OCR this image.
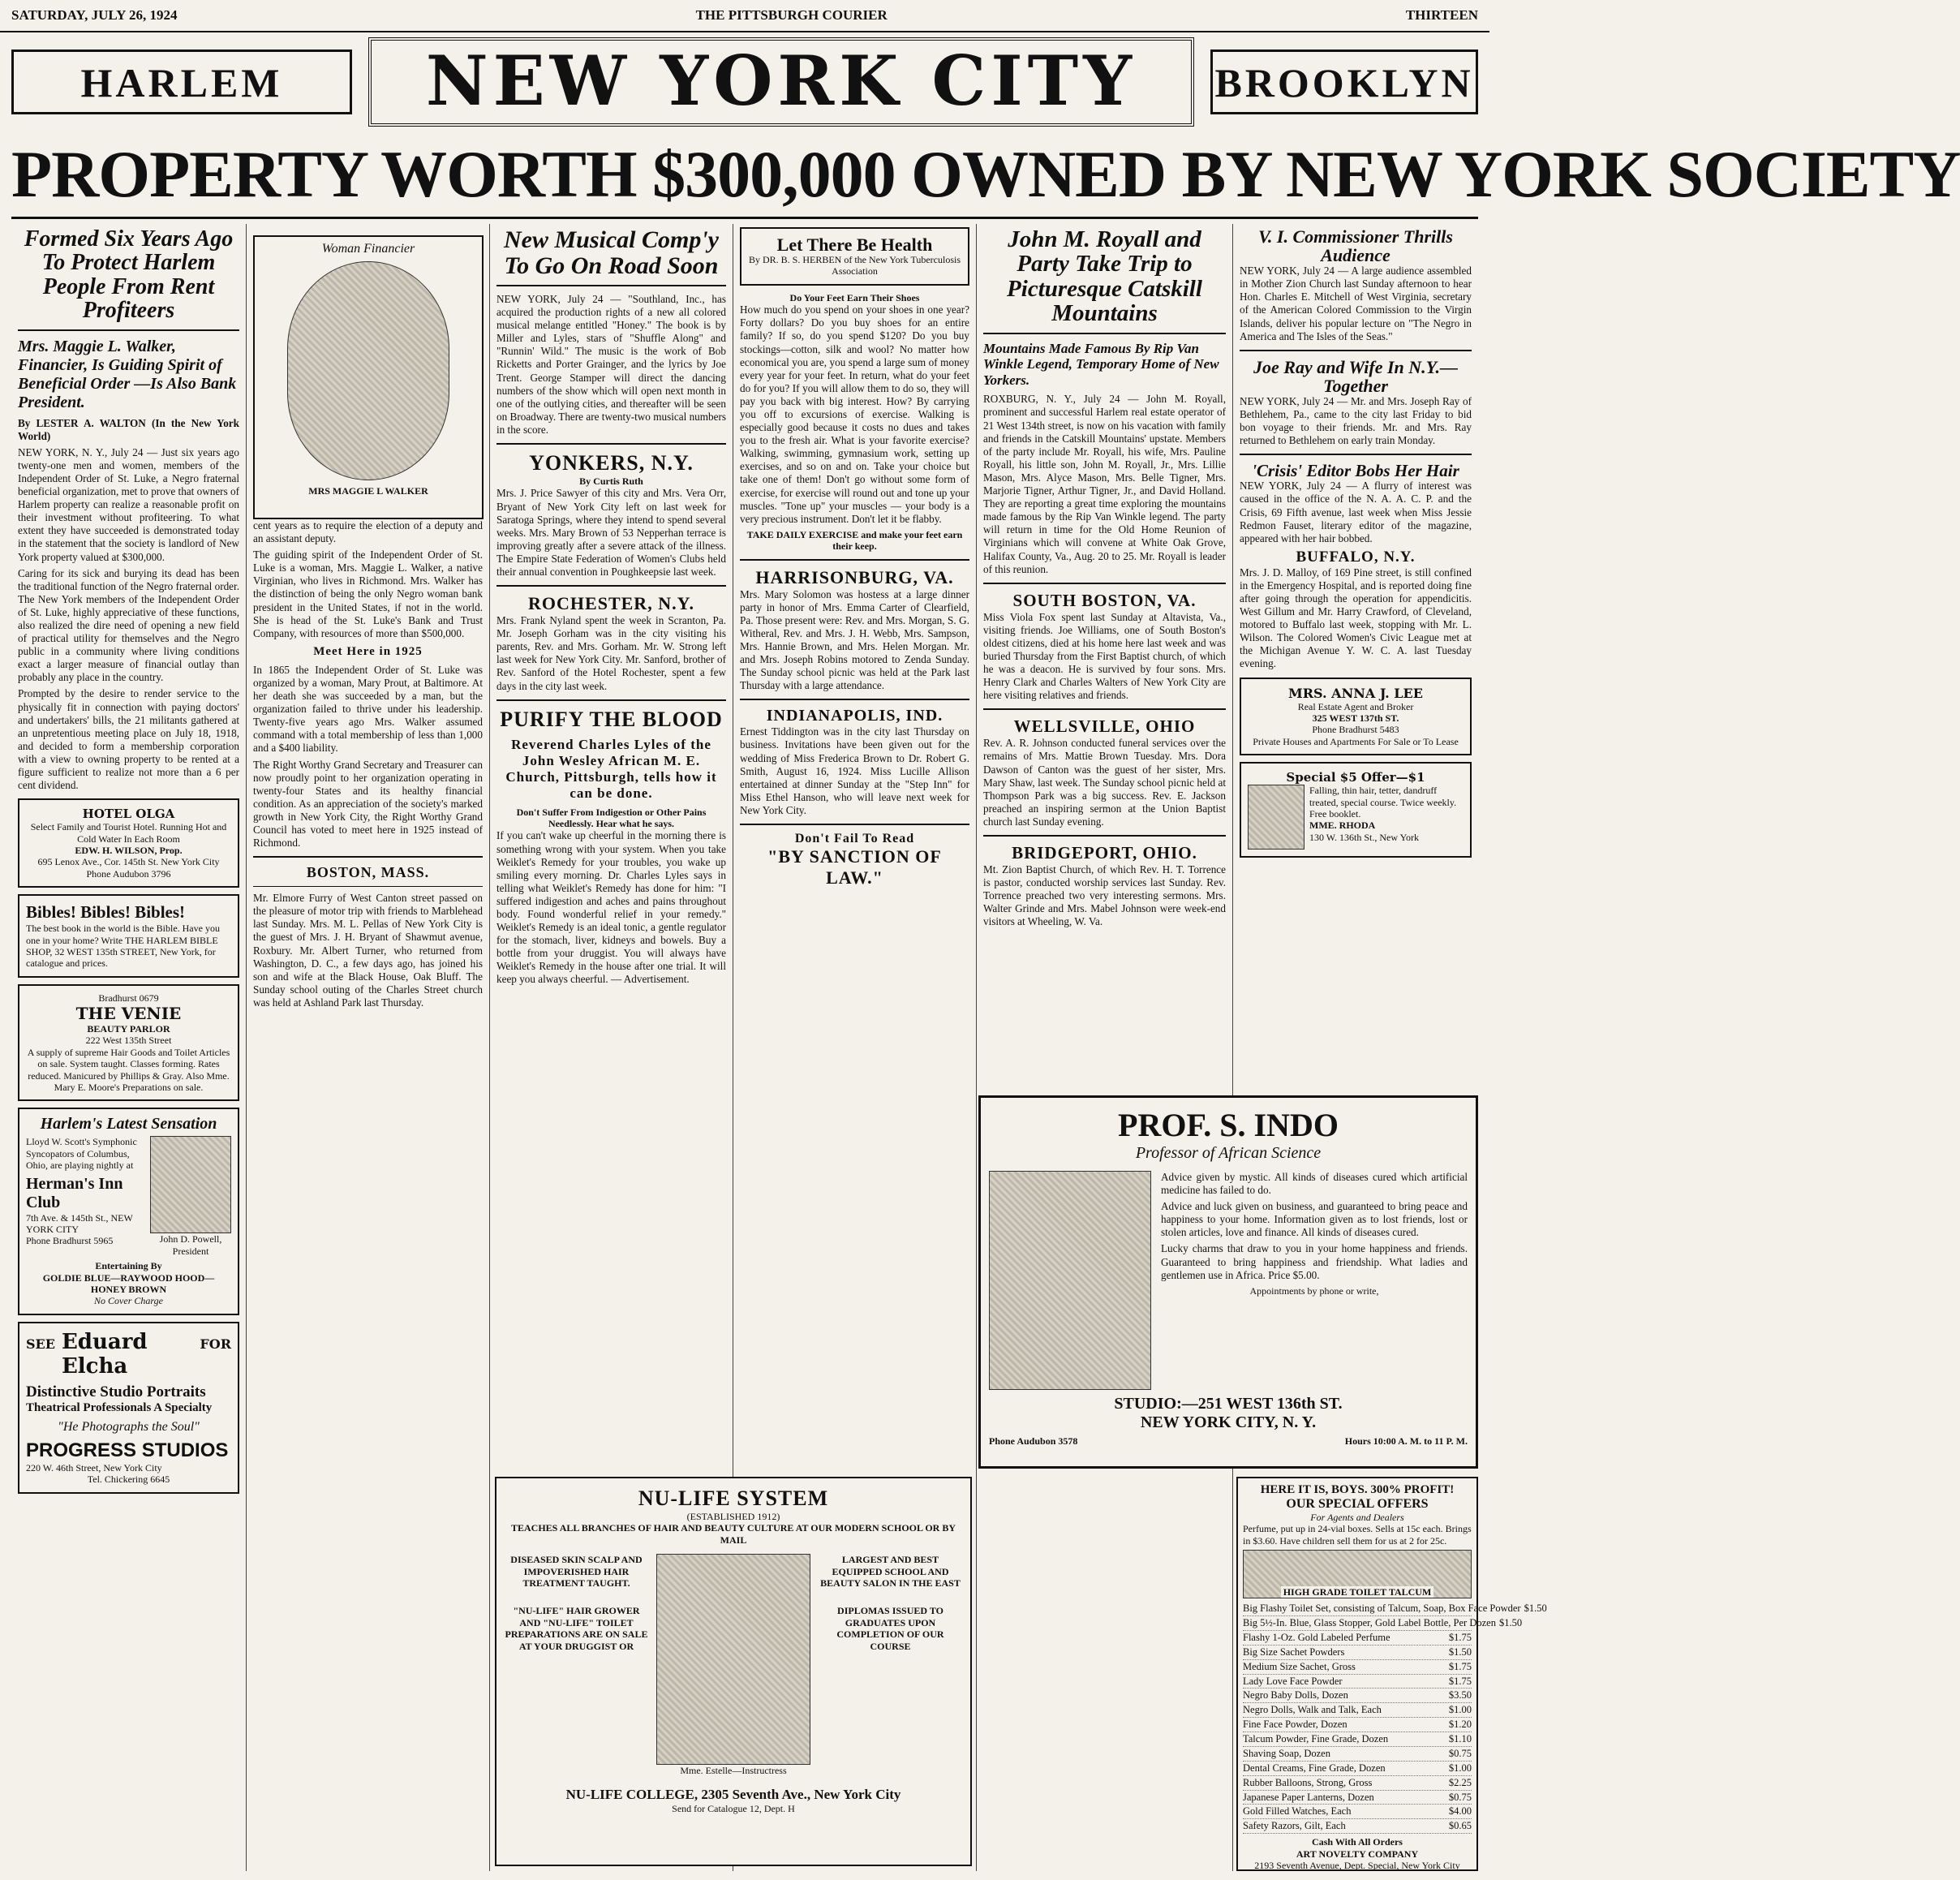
SATURDAY, JULY 26, 1924	THE PITTSBURGH COURIER	THIRTEEN
HARLEM	NEW YORK CITY	BROOKLYN
PROPERTY WORTH $300,000 OWNED BY NEW YORK SOCIETY
Formed Six Years Ago To Protect Harlem People From Rent Profiteers
Mrs. Maggie L. Walker, Financier, Is Guiding Spirit of Beneficial Order —Is Also Bank President.

By LESTER A. WALTON (In the New York World)

NEW YORK, N. Y., July 24 — Just six years ago twenty-one men and women, members of the Independent Order of St. Luke, a Negro fraternal beneficial organization, met to prove that owners of Harlem property can realize a reasonable profit on their investment without profiteering. To what extent they have succeeded is demonstrated today in the statement that the society is landlord of New York property valued at $300,000.

Caring for its sick and burying its dead has been the traditional function of the Negro fraternal order. The New York members of the Independent Order of St. Luke, highly appreciative of these functions, also realized the dire need of opening a new field of practical utility for themselves and the Negro public in a community where living conditions exact a larger measure of financial outlay than probably any place in the country.

Prompted by the desire to render service to the physically fit in connection with paying doctors' and undertakers' bills, the 21 militants gathered at an unpretentious meeting place on July 18, 1918, and decided to form a membership corporation with a view to owning property to be rented at a figure sufficient to realize not more than a 6 per cent dividend.

HOTEL OLGA
Select Family and Tourist Hotel. Running Hot and Cold Water In Each Room
EDW. H. WILSON, Prop.
695 Lenox Ave., Cor. 145th St. New York City
Phone Audubon 3796
Bibles! Bibles! Bibles!
The best book in the world is the Bible. Have you one in your home? Write THE HARLEM BIBLE SHOP, 32 WEST 135th STREET, New York, for catalogue and prices.
Bradhurst 0679
THE VENIE
BEAUTY PARLOR
222 West 135th Street
A supply of supreme Hair Goods and Toilet Articles on sale. System taught. Classes forming. Rates reduced. Manicured by Phillips & Gray. Also Mme. Mary E. Moore's Preparations on sale.
Harlem's Latest Sensation
Lloyd W. Scott's Symphonic Syncopators of Columbus, Ohio, are playing nightly at
Herman's Inn Club
7th Ave. & 145th St., NEW YORK CITY
Phone Bradhurst 5965	John D. Powell, President
Entertaining By
GOLDIE BLUE—RAYWOOD HOOD—HONEY BROWN
No Cover Charge
SEE Eduard Elcha
FOR
Distinctive Studio Portraits
Theatrical Professionals A Specialty
"He Photographs the Soul"
PROGRESS STUDIOS
220 W. 46th Street, New York City
Tel. Chickering 6645

cent years as to require the election of a deputy and an assistant deputy.

The guiding spirit of the Independent Order of St. Luke is a woman, Mrs. Maggie L. Walker, a native Virginian, who lives in Richmond. Mrs. Walker has the distinction of being the only Negro woman bank president in the United States, if not in the world. She is head of the St. Luke's Bank and Trust Company, with resources of more than $500,000.

Meet Here in 1925

In 1865 the Independent Order of St. Luke was organized by a woman, Mary Prout, at Baltimore. At her death she was succeeded by a man, but the organization failed to thrive under his leadership. Twenty-five years ago Mrs. Walker assumed command with a total membership of less than 1,000 and a $400 liability.

The Right Worthy Grand Secretary and Treasurer can now proudly point to her organization operating in twenty-four States and its healthy financial condition. As an appreciation of the society's marked growth in New York City, the Right Worthy Grand Council has voted to meet here in 1925 instead of Richmond.

BOSTON, MASS.

Mr. Elmore Furry of West Canton street passed on the pleasure of motor trip with friends to Marblehead last Sunday. Mrs. M. L. Pellas of New York City is the guest of Mrs. J. H. Bryant of Shawmut avenue, Roxbury. Mr. Albert Turner, who returned from Washington, D. C., a few days ago, has joined his son and wife at the Black House, Oak Bluff. The Sunday school outing of the Charles Street church was held at Ashland Park last Thursday.

Woman Financier
MRS MAGGIE L WALKER
New Musical Comp'y To Go On Road Soon

NEW YORK, July 24 — "Southland, Inc., has acquired the production rights of a new all colored musical melange entitled "Honey." The book is by Miller and Lyles, stars of "Shuffle Along" and "Runnin' Wild." The music is the work of Bob Ricketts and Porter Grainger, and the lyrics by Joe Trent. George Stamper will direct the dancing numbers of the show which will open next month in one of the outlying cities, and thereafter will be seen on Broadway. There are twenty-two musical numbers in the score.

YONKERS, N.Y.
By Curtis Ruth

Mrs. J. Price Sawyer of this city and Mrs. Vera Orr, Bryant of New York City left on last week for Saratoga Springs, where they intend to spend several weeks. Mrs. Mary Brown of 53 Nepperhan terrace is improving greatly after a severe attack of the illness. The Empire State Federation of Women's Clubs held their annual convention in Poughkeepsie last week.

ROCHESTER, N.Y.

Mrs. Frank Nyland spent the week in Scranton, Pa. Mr. Joseph Gorham was in the city visiting his parents, Rev. and Mrs. Gorham. Mr. W. Strong left last week for New York City. Mr. Sanford, brother of Rev. Sanford of the Hotel Rochester, spent a few days in the city last week.

PURIFY THE BLOOD
Reverend Charles Lyles of the John Wesley African M. E. Church, Pittsburgh, tells how it can be done.
Don't Suffer From Indigestion or Other Pains Needlessly. Hear what he says.

If you can't wake up cheerful in the morning there is something wrong with your system. When you take Weiklet's Remedy for your troubles, you wake up smiling every morning. Dr. Charles Lyles says in telling what Weiklet's Remedy has done for him: "I suffered indigestion and aches and pains throughout body. Found wonderful relief in your remedy." Weiklet's Remedy is an ideal tonic, a gentle regulator for the stomach, liver, kidneys and bowels. Buy a bottle from your druggist. You will always have Weiklet's Remedy in the house after one trial. It will keep you always cheerful. — Advertisement.

Let There Be Health
By DR. B. S. HERBEN of the New York Tuberculosis Association
Do Your Feet Earn Their Shoes

How much do you spend on your shoes in one year? Forty dollars? Do you buy shoes for an entire family? If so, do you spend $120? Do you buy stockings—cotton, silk and wool? No matter how economical you are, you spend a large sum of money every year for your feet. In return, what do your feet do for you? If you will allow them to do so, they will pay you back with big interest. How? By carrying you off to excursions of exercise. Walking is especially good because it costs no dues and takes you to the fresh air. What is your favorite exercise? Walking, swimming, gymnasium work, setting up exercises, and so on and on. Take your choice but take one of them! Don't go without some form of exercise, for exercise will round out and tone up your muscles. "Tone up" your muscles — your body is a very precious instrument. Don't let it be flabby.

TAKE DAILY EXERCISE and make your feet earn their keep.
HARRISONBURG, VA.

Mrs. Mary Solomon was hostess at a large dinner party in honor of Mrs. Emma Carter of Clearfield, Pa. Those present were: Rev. and Mrs. Morgan, S. G. Witheral, Rev. and Mrs. J. H. Webb, Mrs. Sampson, Mrs. Hannie Brown, and Mrs. Helen Morgan. Mr. and Mrs. Joseph Robins motored to Zenda Sunday. The Sunday school picnic was held at the Park last Thursday with a large attendance.

INDIANAPOLIS, IND.

Ernest Tiddington was in the city last Thursday on business. Invitations have been given out for the wedding of Miss Frederica Brown to Dr. Robert G. Smith, August 16, 1924. Miss Lucille Allison entertained at dinner Sunday at the "Step Inn" for Miss Ethel Hanson, who will leave next week for New York City.

Don't Fail To Read
"BY SANCTION OF LAW."
NU-LIFE SYSTEM
(ESTABLISHED 1912)
TEACHES ALL BRANCHES OF HAIR AND BEAUTY CULTURE AT OUR MODERN SCHOOL OR BY MAIL
DISEASED SKIN SCALP AND IMPOVERISHED HAIR TREATMENT TAUGHT.
"NU-LIFE" HAIR GROWER AND "NU-LIFE" TOILET PREPARATIONS ARE ON SALE AT YOUR DRUGGIST OR
Mme. Estelle—Instructress
LARGEST AND BEST EQUIPPED SCHOOL AND BEAUTY SALON IN THE EAST
DIPLOMAS ISSUED TO GRADUATES UPON COMPLETION OF OUR COURSE
NU-LIFE COLLEGE, 2305 Seventh Ave., New York City
Send for Catalogue 12, Dept. H
John M. Royall and Party Take Trip to Picturesque Catskill Mountains
Mountains Made Famous By Rip Van Winkle Legend, Temporary Home of New Yorkers.

ROXBURG, N. Y., July 24 — John M. Royall, prominent and successful Harlem real estate operator of 21 West 134th street, is now on his vacation with family and friends in the Catskill Mountains' upstate. Members of the party include Mr. Royall, his wife, Mrs. Pauline Royall, his little son, John M. Royall, Jr., Mrs. Lillie Mason, Mrs. Alyce Mason, Mrs. Belle Tigner, Mrs. Marjorie Tigner, Arthur Tigner, Jr., and David Holland. They are reporting a great time exploring the mountains made famous by the Rip Van Winkle legend. The party will return in time for the Old Home Reunion of Virginians which will convene at White Oak Grove, Halifax County, Va., Aug. 20 to 25. Mr. Royall is leader of this reunion.

SOUTH BOSTON, VA.

Miss Viola Fox spent last Sunday at Altavista, Va., visiting friends. Joe Williams, one of South Boston's oldest citizens, died at his home here last week and was buried Thursday from the First Baptist church, of which he was a deacon. He is survived by four sons. Mrs. Henry Clark and Charles Walters of New York City are here visiting relatives and friends.

WELLSVILLE, OHIO

Rev. A. R. Johnson conducted funeral services over the remains of Mrs. Mattie Brown Tuesday. Mrs. Dora Dawson of Canton was the guest of her sister, Mrs. Mary Shaw, last week. The Sunday school picnic held at Thompson Park was a big success. Rev. E. Jackson preached an inspiring sermon at the Union Baptist church last Sunday evening.

BRIDGEPORT, OHIO.

Mt. Zion Baptist Church, of which Rev. H. T. Torrence is pastor, conducted worship services last Sunday. Rev. Torrence preached two very interesting sermons. Mrs. Walter Grinde and Mrs. Mabel Johnson were week-end visitors at Wheeling, W. Va.

V. I. Commissioner Thrills Audience

NEW YORK, July 24 — A large audience assembled in Mother Zion Church last Sunday afternoon to hear Hon. Charles E. Mitchell of West Virginia, secretary of the American Colored Commission to the Virgin Islands, deliver his popular lecture on "The Negro in America and The Isles of the Seas."

Joe Ray and Wife In N.Y.—Together

NEW YORK, July 24 — Mr. and Mrs. Joseph Ray of Bethlehem, Pa., came to the city last Friday to bid bon voyage to their friends. Mr. and Mrs. Ray returned to Bethlehem on early train Monday.

'Crisis' Editor Bobs Her Hair

NEW YORK, July 24 — A flurry of interest was caused in the office of the N. A. A. C. P. and the Crisis, 69 Fifth avenue, last week when Miss Jessie Redmon Fauset, literary editor of the magazine, appeared with her hair bobbed.

BUFFALO, N.Y.

Mrs. J. D. Malloy, of 169 Pine street, is still confined in the Emergency Hospital, and is reported doing fine after going through the operation for appendicitis. West Gillum and Mr. Harry Crawford, of Cleveland, motored to Buffalo last week, stopping with Mr. L. Wilson. The Colored Women's Civic League met at the Michigan Avenue Y. W. C. A. last Tuesday evening.

MRS. ANNA J. LEE
Real Estate Agent and Broker
325 WEST 137th ST.
Phone Bradhurst 5483
Private Houses and Apartments For Sale or To Lease
Special $5 Offer—$1
Falling, thin hair, tetter, dandruff treated, special course. Twice weekly. Free booklet.
MME. RHODA
130 W. 136th St., New York
PROF. S. INDO
Professor of African Science

Advice given by mystic. All kinds of diseases cured which artificial medicine has failed to do.

Advice and luck given on business, and guaranteed to bring peace and happiness to your home. Information given as to lost friends, lost or stolen articles, love and finance. All kinds of diseases cured.

Lucky charms that draw to you in your home happiness and friends. Guaranteed to bring happiness and friendship. What ladies and gentlemen use in Africa. Price $5.00.

Appointments by phone or write,
STUDIO:—251 WEST 136th ST.
NEW YORK CITY, N. Y.
Phone Audubon 3578	Hours 10:00 A. M. to 11 P. M.
HERE IT IS, BOYS. 300% PROFIT!
OUR SPECIAL OFFERS
For Agents and Dealers
Perfume, put up in 24-vial boxes. Sells at 15c each. Brings in $3.60. Have children sell them for us at 2 for 25c.
HIGH GRADE TOILET TALCUM
Big Flashy Toilet Set, consisting of Talcum, Soap, Box Face Powder $1.50
Big 5½-In. Blue, Glass Stopper, Gold Label Bottle, Per Dozen $1.50
Flashy 1-Oz. Gold Labeled Perfume	$1.75
Big Size Sachet Powders	$1.50
Medium Size Sachet, Gross	$1.75
Lady Love Face Powder	$1.75
Negro Baby Dolls, Dozen	$3.50
Negro Dolls, Walk and Talk, Each	$1.00
Fine Face Powder, Dozen	$1.20
Talcum Powder, Fine Grade, Dozen	$1.10
Shaving Soap, Dozen	$0.75
Dental Creams, Fine Grade, Dozen	$1.00
Rubber Balloons, Strong, Gross	$2.25
Japanese Paper Lanterns, Dozen	$0.75
Gold Filled Watches, Each	$4.00
Safety Razors, Gilt, Each	$0.65
Cash With All Orders
ART NOVELTY COMPANY
2193 Seventh Avenue, Dept. Special, New York City
